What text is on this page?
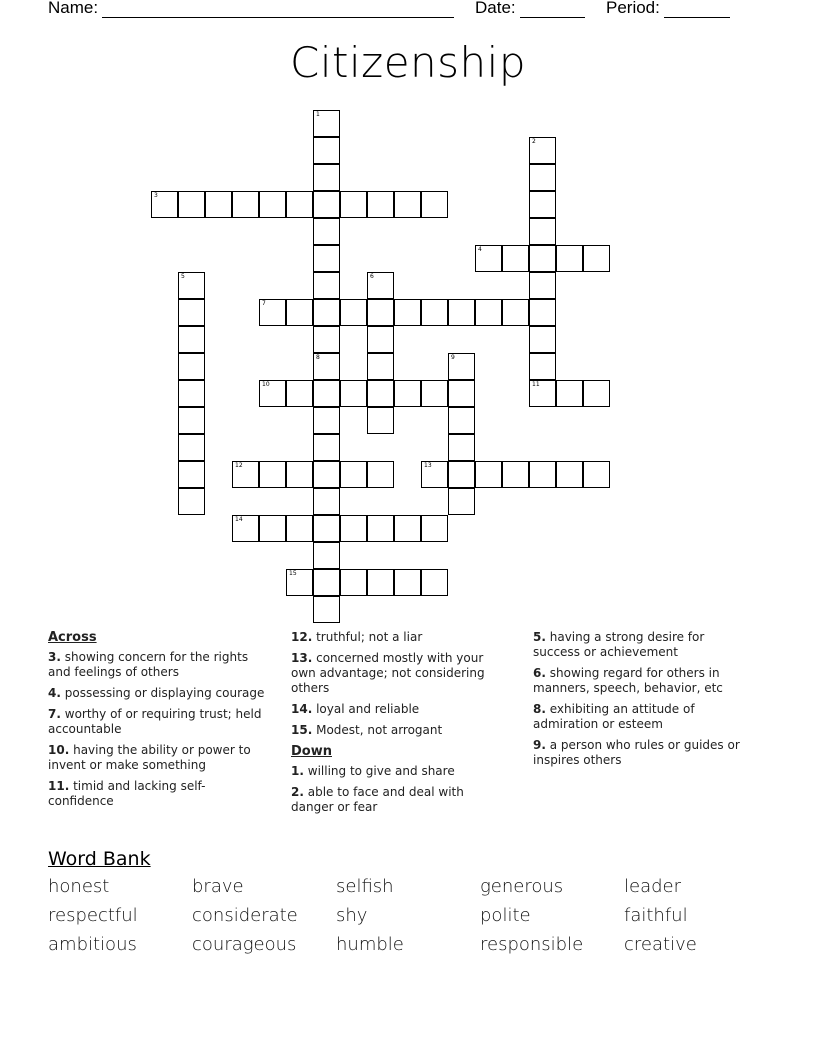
Name:	Date:	Period:
Citizenship
1
8
2
11
3
4
5	6
7
9
10
12	13
14
15
Across
3. showing concern for the rights and feelings of others
4. possessing or displaying courage
7. worthy of or requiring trust; held accountable
10. having the ability or power to invent or make something
11. timid and lacking self-confidence
12. truthful; not a liar
13. concerned mostly with your own advantage; not considering others
14. loyal and reliable
15. Modest, not arrogant
Down
1. willing to give and share
2. able to face and deal with danger or fear
5. having a strong desire for success or achievement
6. showing regard for others in manners, speech, behavior, etc
8. exhibiting an attitude of admiration or esteem
9. a person who rules or guides or inspires others
Word Bank
honest	brave	selfish	generous	leader
respectful	considerate	shy	polite	faithful
ambitious	courageous	humble	responsible	creative
